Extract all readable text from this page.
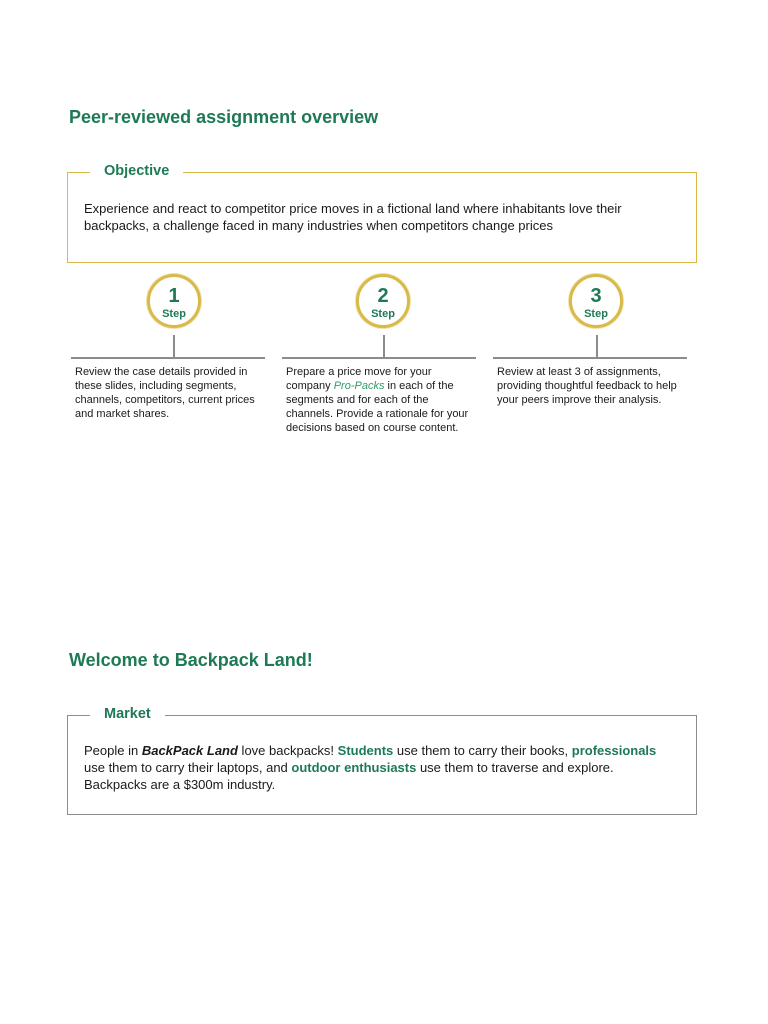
Peer-reviewed assignment overview
Objective

Experience and react to competitor price moves in a fictional land where inhabitants love their backpacks, a challenge faced in many industries when competitors change prices

1
Step

Review the case details provided in these slides, including segments, channels, competitors, current prices and market shares.

2
Step

Prepare a price move for your company Pro-Packs in each of the segments and for each of the channels. Provide a rationale for your decisions based on course content.

3
Step

Review at least 3 of assignments, providing thoughtful feedback to help your peers improve their analysis.

Welcome to Backpack Land!
Market

People in BackPack Land love backpacks! Students use them to carry their books, professionals use them to carry their laptops, and outdoor enthusiasts use them to traverse and explore. Backpacks are a $300m industry.
